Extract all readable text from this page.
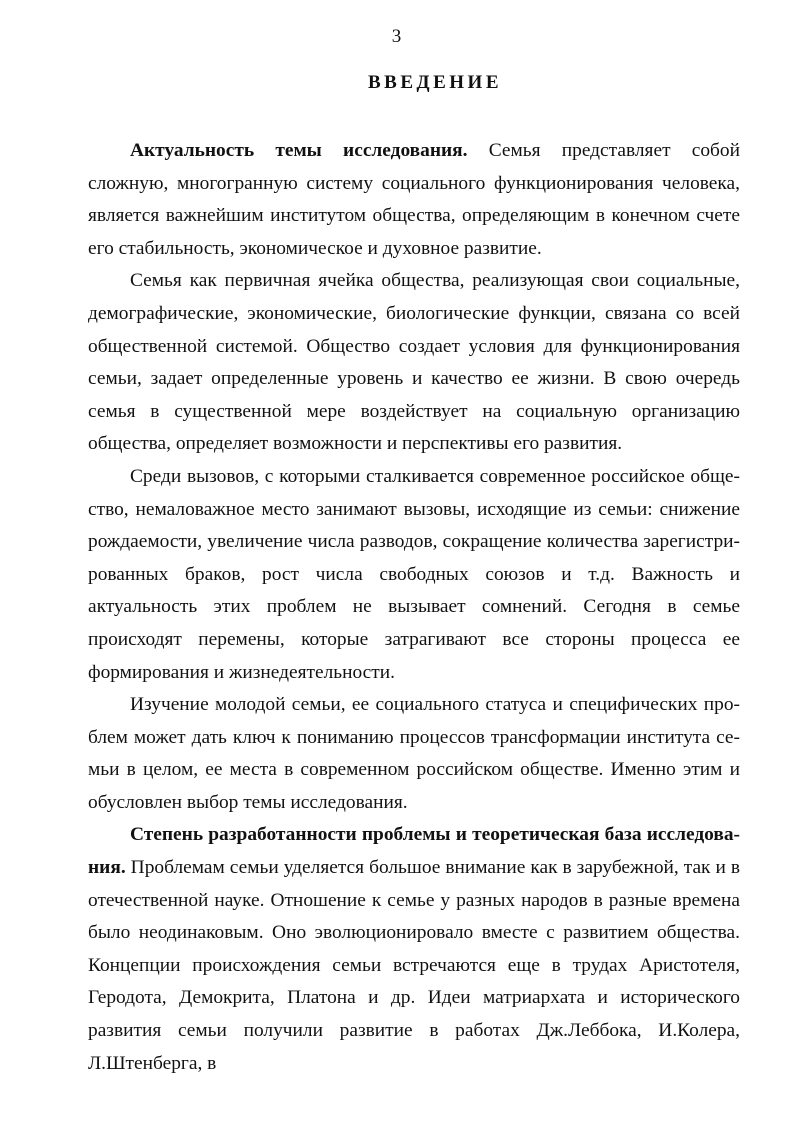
3
ВВЕДЕНИЕ

Актуальность темы исследования. Семья представляет собой сложную, многогранную систему социального функционирования человека, является важнейшим институтом общества, определяющим в конечном счете его стабильность, экономическое и духовное развитие.

Семья как первичная ячейка общества, реализующая свои социальные, демографические, экономические, биологические функции, связана со всей общественной системой. Общество создает условия для функционирования семьи, задает определенные уровень и качество ее жизни. В свою очередь семья в существенной мере воздействует на социальную организацию общества, определяет возможности и перспективы его развития.

Среди вызовов, с которыми сталкивается современное российское общество, немаловажное место занимают вызовы, исходящие из семьи: снижение рождаемости, увеличение числа разводов, сокращение количества зарегистрированных браков, рост числа свободных союзов и т.д. Важность и актуальность этих проблем не вызывает сомнений. Сегодня в семье происходят перемены, которые затрагивают все стороны процесса ее формирования и жизнедеятельности.

Изучение молодой семьи, ее социального статуса и специфических проблем может дать ключ к пониманию процессов трансформации института семьи в целом, ее места в современном российском обществе. Именно этим и обусловлен выбор темы исследования.

Степень разработанности проблемы и теоретическая база исследования. Проблемам семьи уделяется большое внимание как в зарубежной, так и в отечественной науке. Отношение к семье у разных народов в разные времена было неодинаковым. Оно эволюционировало вместе с развитием общества. Концепции происхождения семьи встречаются еще в трудах Аристотеля, Геродота, Демокрита, Платона и др. Идеи матриархата и исторического развития семьи получили развитие в работах Дж.Леббока, И.Колера, Л.Штенберга, в
